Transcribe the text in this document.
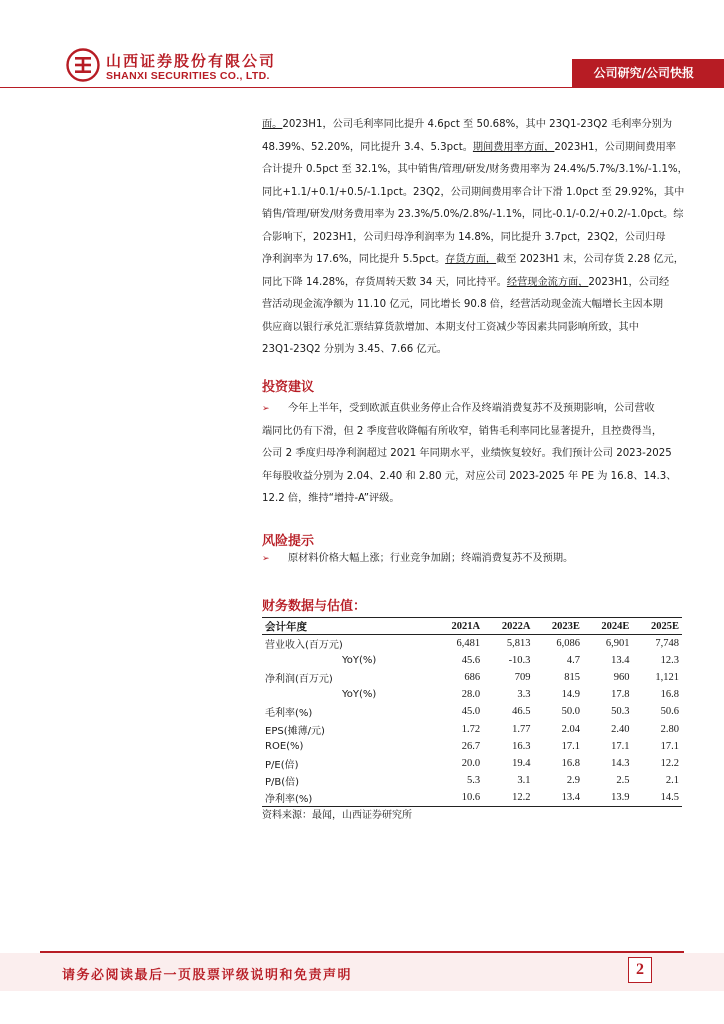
山西证券股份有限公司
SHANXI SECURITIES CO., LTD.	公司研究/公司快报

面。2023H1，公司毛利率同比提升 4.6pct 至 50.68%，其中 23Q1-23Q2 毛利率分别为

48.39%、52.20%，同比提升 3.4、5.3pct。期间费用率方面，2023H1，公司期间费用率

合计提升 0.5pct 至 32.1%，其中销售/管理/研发/财务费用率为 24.4%/5.7%/3.1%/-1.1%，

同比+1.1/+0.1/+0.5/-1.1pct。23Q2，公司期间费用率合计下滑 1.0pct 至 29.92%，其中

销售/管理/研发/财务费用率为 23.3%/5.0%/2.8%/-1.1%，同比-0.1/-0.2/+0.2/-1.0pct。综

合影响下，2023H1，公司归母净利润率为 14.8%，同比提升 3.7pct，23Q2，公司归母

净利润率为 17.6%，同比提升 5.5pct。存货方面，截至 2023H1 末，公司存货 2.28 亿元，

同比下降 14.28%，存货周转天数 34 天，同比持平。经营现金流方面，2023H1，公司经

营活动现金流净额为 11.10 亿元，同比增长 90.8 倍，经营活动现金流大幅增长主因本期

供应商以银行承兑汇票结算货款增加、本期支付工资减少等因素共同影响所致，其中

23Q1-23Q2 分别为 3.45、7.66 亿元。

投资建议
➢	今年上半年，受到欧派直供业务停止合作及终端消费复苏不及预期影响，公司营收

端同比仍有下滑，但 2 季度营收降幅有所收窄，销售毛利率同比显著提升，且控费得当，

公司 2 季度归母净利润超过 2021 年同期水平，业绩恢复较好。我们预计公司 2023-2025

年每股收益分别为 2.04、2.40 和 2.80 元，对应公司 2023-2025 年 PE 为 16.8、14.3、

12.2 倍，维持“增持-A”评级。

风险提示
➢	原材料价格大幅上涨；行业竞争加剧；终端消费复苏不及预期。

财务数据与估值：
会计年度	2021A	2022A	2023E	2024E	2025E
营业收入(百万元)	6,481	5,813	6,086	6,901	7,748
YoY(%)	45.6	-10.3	4.7	13.4	12.3
净利润(百万元)	686	709	815	960	1,121
YoY(%)	28.0	3.3	14.9	17.8	16.8
毛利率(%)	45.0	46.5	50.0	50.3	50.6
EPS(摊薄/元)	1.72	1.77	2.04	2.40	2.80
ROE(%)	26.7	16.3	17.1	17.1	17.1
P/E(倍)	20.0	19.4	16.8	14.3	12.2
P/B(倍)	5.3	3.1	2.9	2.5	2.1
净利率(%)	10.6	12.2	13.4	13.9	14.5
资料来源：最闻，山西证券研究所
请务必阅读最后一页股票评级说明和免责声明	2
